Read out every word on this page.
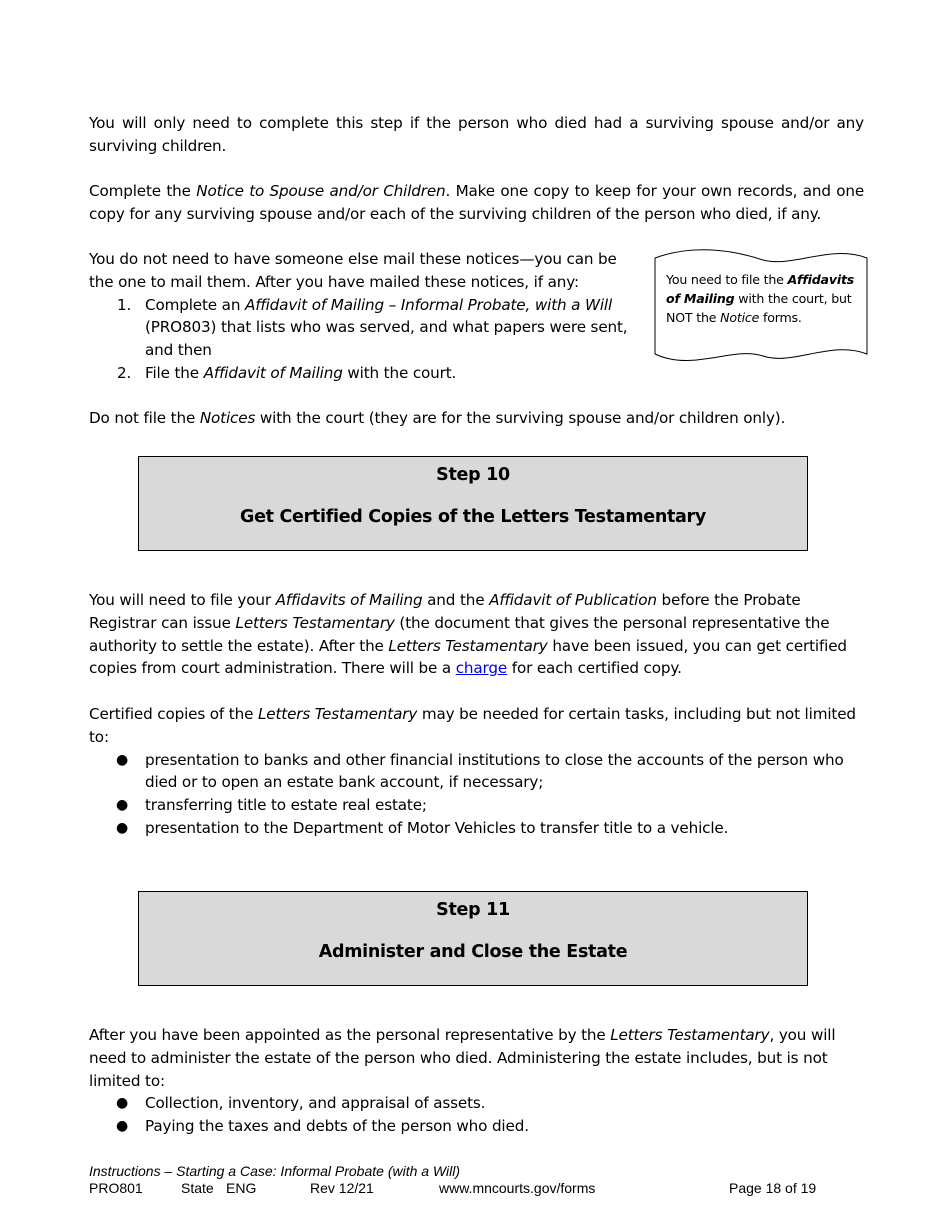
You will only need to complete this step if the person who died had a surviving spouse and/or any surviving children.

Complete the Notice to Spouse and/or Children. Make one copy to keep for your own records, and one copy for any surviving spouse and/or each of the surviving children of the person who died, if any.

You do not need to have someone else mail these notices—you can be the one to mail them. After you have mailed these notices, if any:

1. Complete an Affidavit of Mailing – Informal Probate, with a Will (PRO803) that lists who was served, and what papers were sent, and then
2. File the Affidavit of Mailing with the court.
You need to file the Affidavits of Mailing with the court, but NOT the Notice forms.

Do not file the Notices with the court (they are for the surviving spouse and/or children only).

Step 10
Get Certified Copies of the Letters Testamentary

You will need to file your Affidavits of Mailing and the Affidavit of Publication before the Probate Registrar can issue Letters Testamentary (the document that gives the personal representative the authority to settle the estate). After the Letters Testamentary have been issued, you can get certified copies from court administration. There will be a charge for each certified copy.

Certified copies of the Letters Testamentary may be needed for certain tasks, including but not limited to:

● presentation to banks and other financial institutions to close the accounts of the person who died or to open an estate bank account, if necessary;
● transferring title to estate real estate;
● presentation to the Department of Motor Vehicles to transfer title to a vehicle.
Step 11
Administer and Close the Estate

After you have been appointed as the personal representative by the Letters Testamentary, you will need to administer the estate of the person who died. Administering the estate includes, but is not limited to:

● Collection, inventory, and appraisal of assets.
● Paying the taxes and debts of the person who died.
Instructions – Starting a Case: Informal Probate (with a Will)
PRO801	State ENG	Rev 12/21	www.mncourts.gov/forms	Page 18 of 19
